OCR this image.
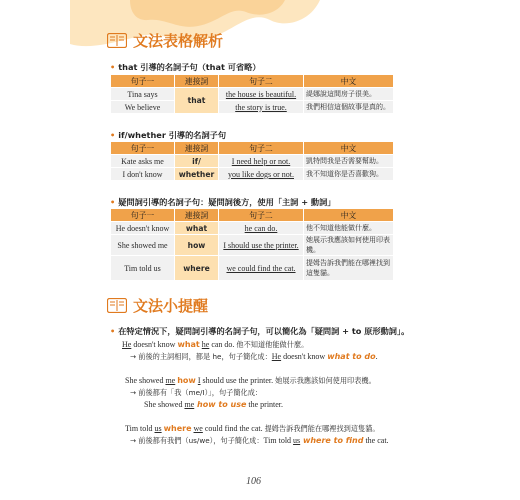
文法表格解析
• that 引導的名詞子句（that 可省略）
句子一	連接詞	句子二	中文
Tina says	that	the house is beautiful.	緹娜說這間房子很美。
We believe		the story is true.	我們相信這個故事是真的。
• if/whether 引導的名詞子句
句子一	連接詞	句子二	中文
Kate asks me	if/	I need help or not.	凱特問我是否需要幫助。
I don't know	whether	you like dogs or not.	我不知道你是否喜歡狗。
• 疑問詞引導的名詞子句：疑問詞後方，使用「主詞 + 動詞」
句子一	連接詞	句子二	中文
He doesn't know	what	he can do.	他不知道他能做什麼。
She showed me	how	I should use the printer.	她展示我應該如何使用印表機。
Tim told us	where	we could find the cat.	提姆告訴我們能在哪裡找到這隻貓。
文法小提醒
• 在特定情況下，疑問詞引導的名詞子句，可以簡化為「疑問詞 + to 原形動詞」。
He doesn't know what he can do. 他不知道他能做什麼。
→ 前後的主詞相同，都是 he，句子簡化成：He doesn't know what to do.
She showed me how I should use the printer. 她展示我應該如何使用印表機。
→ 前後都有「我（me/I）」，句子簡化成：
She showed me how to use the printer.
Tim told us where we could find the cat. 提姆告訴我們能在哪裡找到這隻貓。
→ 前後都有我們（us/we），句子簡化成：Tim told us where to find the cat.
106
